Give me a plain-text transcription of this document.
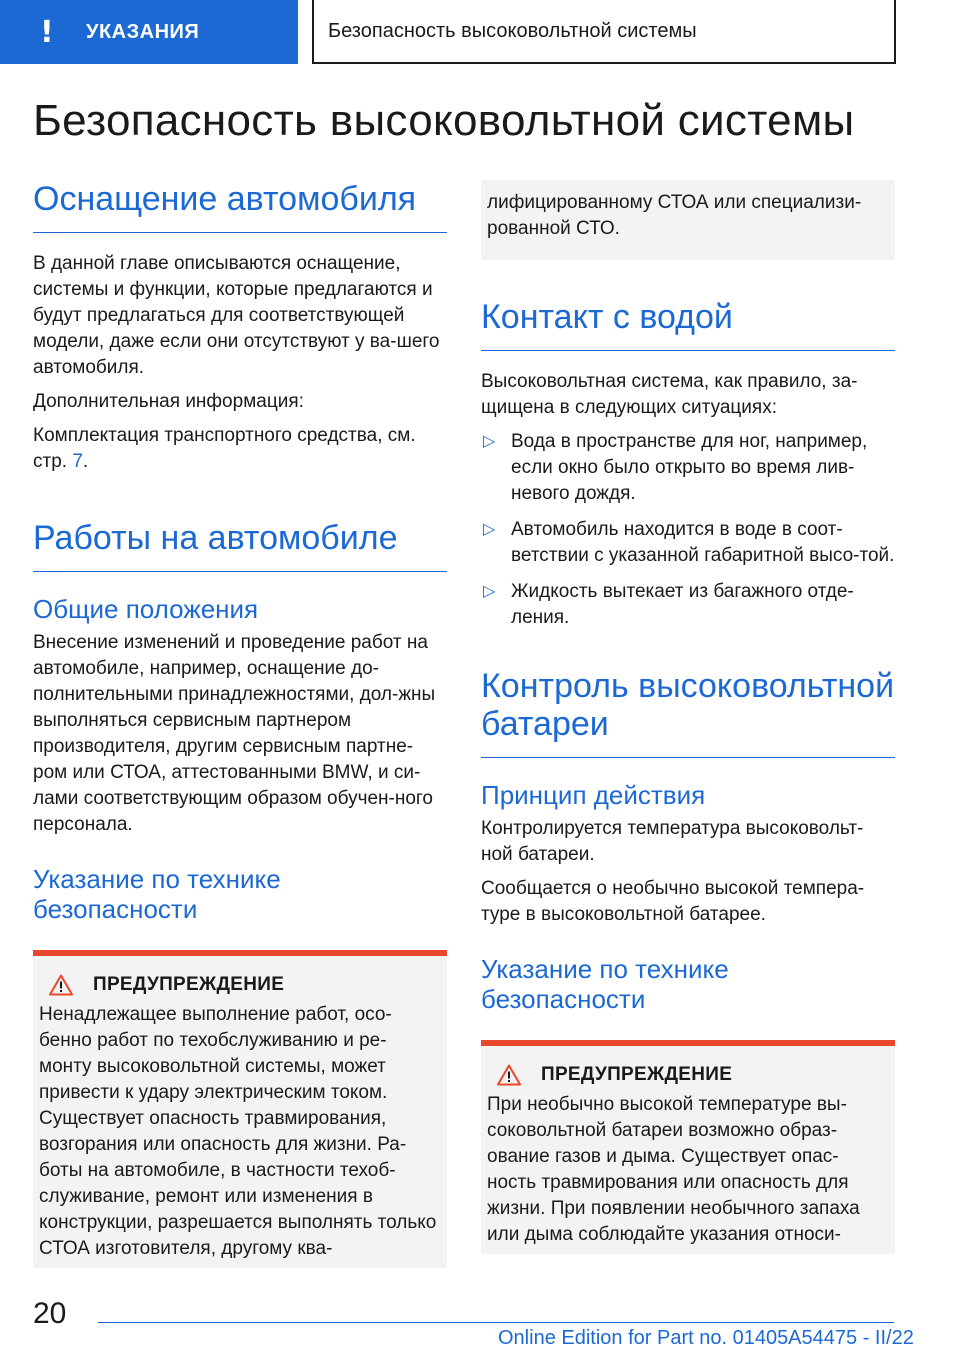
!	УКАЗАНИЯ	Безопасность высоковольтной системы
Безопасность высоковольтной системы
Оснащение автомобиля

В данной главе описываются оснащение, системы и функции, которые предлагаются и будут предлагаться для соответствующей модели, даже если они отсутствуют у ва-шего автомобиля.

Дополнительная информация:

Комплектация транспортного средства, см. стр. 7.

Работы на автомобиле
Общие положения

Внесение изменений и проведение работ на автомобиле, например, оснащение до-полнительными принадлежностями, дол-жны выполняться сервисным партнером производителя, другим сервисным партне-ром или СТОА, аттестованными BMW, и си-лами соответствующим образом обучен-ного персонала.

Указание по технике безопасности
ПРЕДУПРЕЖДЕНИЕ

Ненадлежащее выполнение работ, осо-бенно работ по техобслуживанию и ре-монту высоковольтной системы, может привести к удару электрическим током. Существует опасность травмирования, возгорания или опасность для жизни. Ра-боты на автомобиле, в частности техоб-служивание, ремонт или изменения в конструкции, разрешается выполнять только СТОА изготовителя, другому ква-

лифицированному СТОА или специализи-рованной СТО.

Контакт с водой

Высоковольтная система, как правило, за-щищена в следующих ситуациях:

▷ Вода в пространстве для ног, например, если окно было открыто во время лив-невого дождя.
▷ Автомобиль находится в воде в соот-ветствии с указанной габаритной высо-той.
▷ Жидкость вытекает из багажного отде-ления.
Контроль высоковольтной батареи
Принцип действия

Контролируется температура высоковольт-ной батареи.

Сообщается о необычно высокой темпера-туре в высоковольтной батарее.

Указание по технике безопасности
ПРЕДУПРЕЖДЕНИЕ

При необычно высокой температуре вы-соковольтной батареи возможно образ-ование газов и дыма. Существует опас-ность травмирования или опасность для жизни. При появлении необычного запаха или дыма соблюдайте указания относи-

20
Online Edition for Part no. 01405A54475 - II/22
